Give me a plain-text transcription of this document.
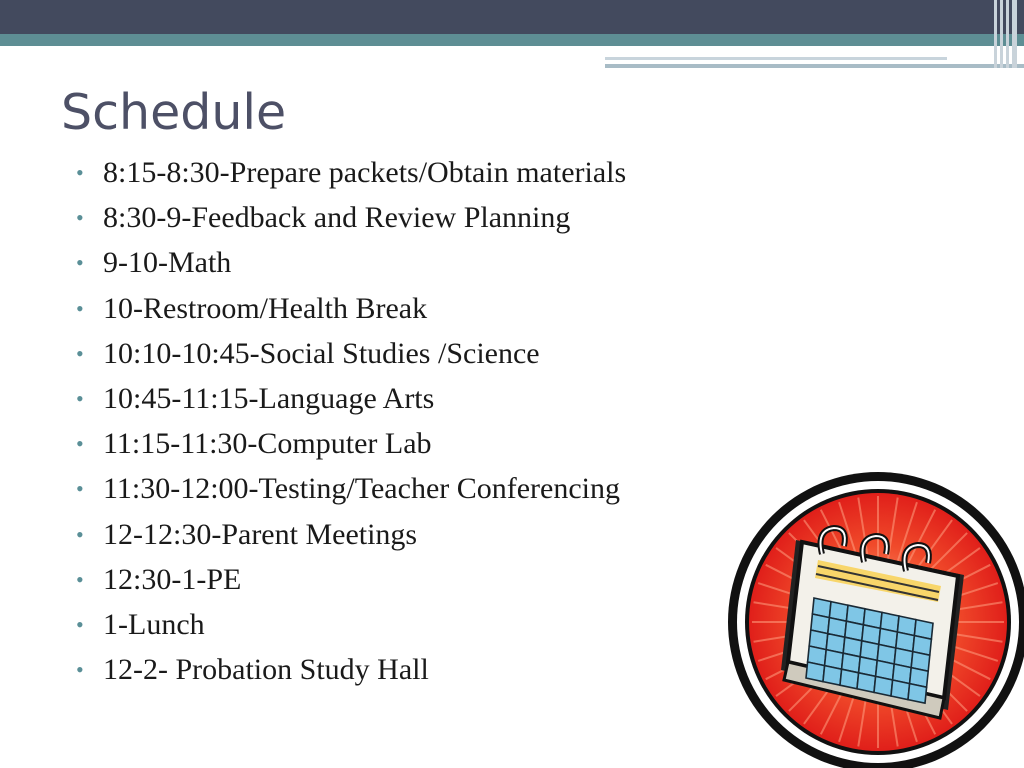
Schedule
• 8:15-8:30-Prepare packets/Obtain materials
• 8:30-9-Feedback and Review Planning
• 9-10-Math
• 10-Restroom/Health Break
• 10:10-10:45-Social Studies /Science
• 10:45-11:15-Language Arts
• 11:15-11:30-Computer Lab
• 11:30-12:00-Testing/Teacher Conferencing
• 12-12:30-Parent Meetings
• 12:30-1-PE
• 1-Lunch
• 12-2- Probation Study Hall
